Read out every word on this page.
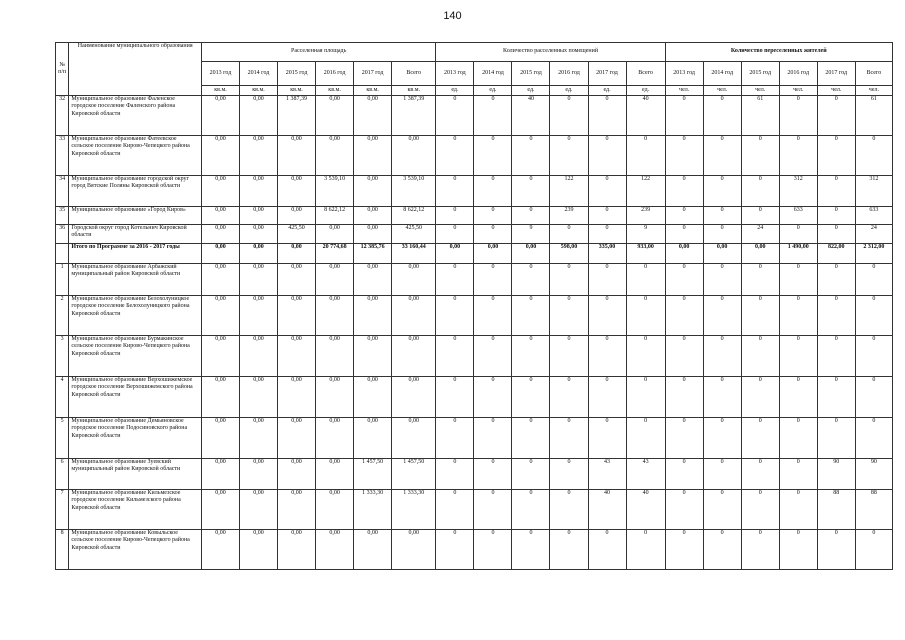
140
№ п/п	Наименование муниципального образования	Расселенная площадь						Количество расселенных помещений						Количество переселенных жителей					
		2013 год	2014 год	2015 год	2016 год	2017 год	Всего	2013 год	2014 год	2015 год	2016 год	2017 год	Всего	2013 год	2014 год	2015 год	2016 год	2017 год	Всего
		кв.м.	кв.м.	кв.м.	кв.м.	кв.м.	кв.м.	ед.	ед.	ед.	ед.	ед.	ед.	чел.	чел.	чел.	чел.	чел.	чел.
32	Муниципальное образование Фаленское городское поселение Фаленского района Кировской области	0,00	0,00	1 387,39	0,00	0,00	1 387,39	0	0	40	0	0	40	0	0	61	0	0	61
33	Муниципальное образование Фатеевское сельское поселение Кирово-Чепецкого района Кировской области	0,00	0,00	0,00	0,00	0,00	0,00	0	0	0	0	0	0	0	0	0	0	0	0
34	Муниципальное образование городской округ город Вятские Поляны Кировской области	0,00	0,00	0,00	3 539,10	0,00	3 539,10	0	0	0	122	0	122	0	0	0	312	0	312
35	Муниципальное образование «Город Киров»	0,00	0,00	0,00	8 622,12	0,00	8 622,12	0	0	0	239	0	239	0	0	0	633	0	633
36	Городской округ город Котельнич Кировской области	0,00	0,00	425,50	0,00	0,00	425,50	0	0	9	0	0	9	0	0	24	0	0	24
	Итого по Программе за 2016 - 2017 годы	0,00	0,00	0,00	20 774,68	12 385,76	33 160,44	0,00	0,00	0,00	598,00	335,00	933,00	0,00	0,00	0,00	1 490,00	822,00	2 312,00
1	Муниципальное образование Арбажский муниципальный район Кировской области	0,00	0,00	0,00	0,00	0,00	0,00	0	0	0	0	0	0	0	0	0	0	0	0
2	Муниципальное образование Белохолуницкое городское поселение Белохолуницкого района Кировской области	0,00	0,00	0,00	0,00	0,00	0,00	0	0	0	0	0	0	0	0	0	0	0	0
3	Муниципальное образование Бурмакинское сельское поселение Кирово-Чепецкого района Кировской области	0,00	0,00	0,00	0,00	0,00	0,00	0	0	0	0	0	0	0	0	0	0	0	0
4	Муниципальное образование Верхошижемское городское поселение Верхошижемского района Кировской области	0,00	0,00	0,00	0,00	0,00	0,00	0	0	0	0	0	0	0	0	0	0	0	0
5	Муниципальное образование Демьяновское городское поселение Подосиновского района Кировской области	0,00	0,00	0,00	0,00	0,00	0,00	0	0	0	0	0	0	0	0	0	0	0	0
6	Муниципальное образование Зуевский муниципальный район Кировской области	0,00	0,00	0,00	0,00	1 457,50	1 457,50	0	0	0	0	43	43	0	0	0	0	90	90
7	Муниципальное образование Кильмезское городское поселение Кильмезского района Кировской области	0,00	0,00	0,00	0,00	1 333,30	1 333,30	0	0	0	0	40	40	0	0	0	0	88	88
8	Муниципальное образование Ковыльское сельское поселение Кирово-Чепецкого района Кировской области	0,00	0,00	0,00	0,00	0,00	0,00	0	0	0	0	0	0	0	0	0	0	0	0
